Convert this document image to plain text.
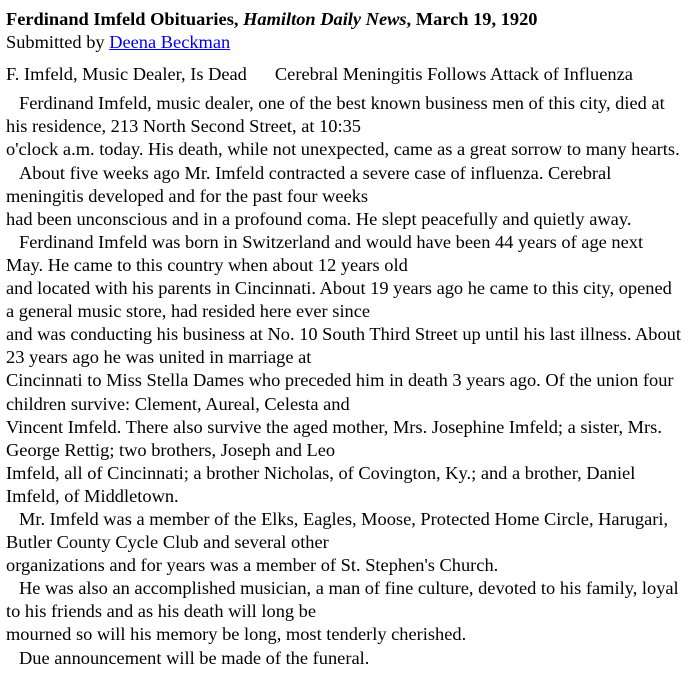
Ferdinand Imfeld Obituaries, Hamilton Daily News, March 19, 1920
Submitted by Deena Beckman
F. Imfeld, Music Dealer, Is Dead Cerebral Meningitis Follows Attack of Influenza
Ferdinand Imfeld, music dealer, one of the best known business men of this city, died at
his residence, 213 North Second Street, at 10:35
o'clock a.m. today. His death, while not unexpected, came as a great sorrow to many hearts.
About five weeks ago Mr. Imfeld contracted a severe case of influenza. Cerebral
meningitis developed and for the past four weeks
had been unconscious and in a profound coma. He slept peacefully and quietly away.
Ferdinand Imfeld was born in Switzerland and would have been 44 years of age next
May. He came to this country when about 12 years old
and located with his parents in Cincinnati. About 19 years ago he came to this city, opened
a general music store, had resided here ever since
and was conducting his business at No. 10 South Third Street up until his last illness. About
23 years ago he was united in marriage at
Cincinnati to Miss Stella Dames who preceded him in death 3 years ago. Of the union four
children survive: Clement, Aureal, Celesta and
Vincent Imfeld. There also survive the aged mother, Mrs. Josephine Imfeld; a sister, Mrs.
George Rettig; two brothers, Joseph and Leo
Imfeld, all of Cincinnati; a brother Nicholas, of Covington, Ky.; and a brother, Daniel
Imfeld, of Middletown.
Mr. Imfeld was a member of the Elks, Eagles, Moose, Protected Home Circle, Harugari,
Butler County Cycle Club and several other
organizations and for years was a member of St. Stephen's Church.
He was also an accomplished musician, a man of fine culture, devoted to his family, loyal
to his friends and as his death will long be
mourned so will his memory be long, most tenderly cherished.
Due announcement will be made of the funeral.
